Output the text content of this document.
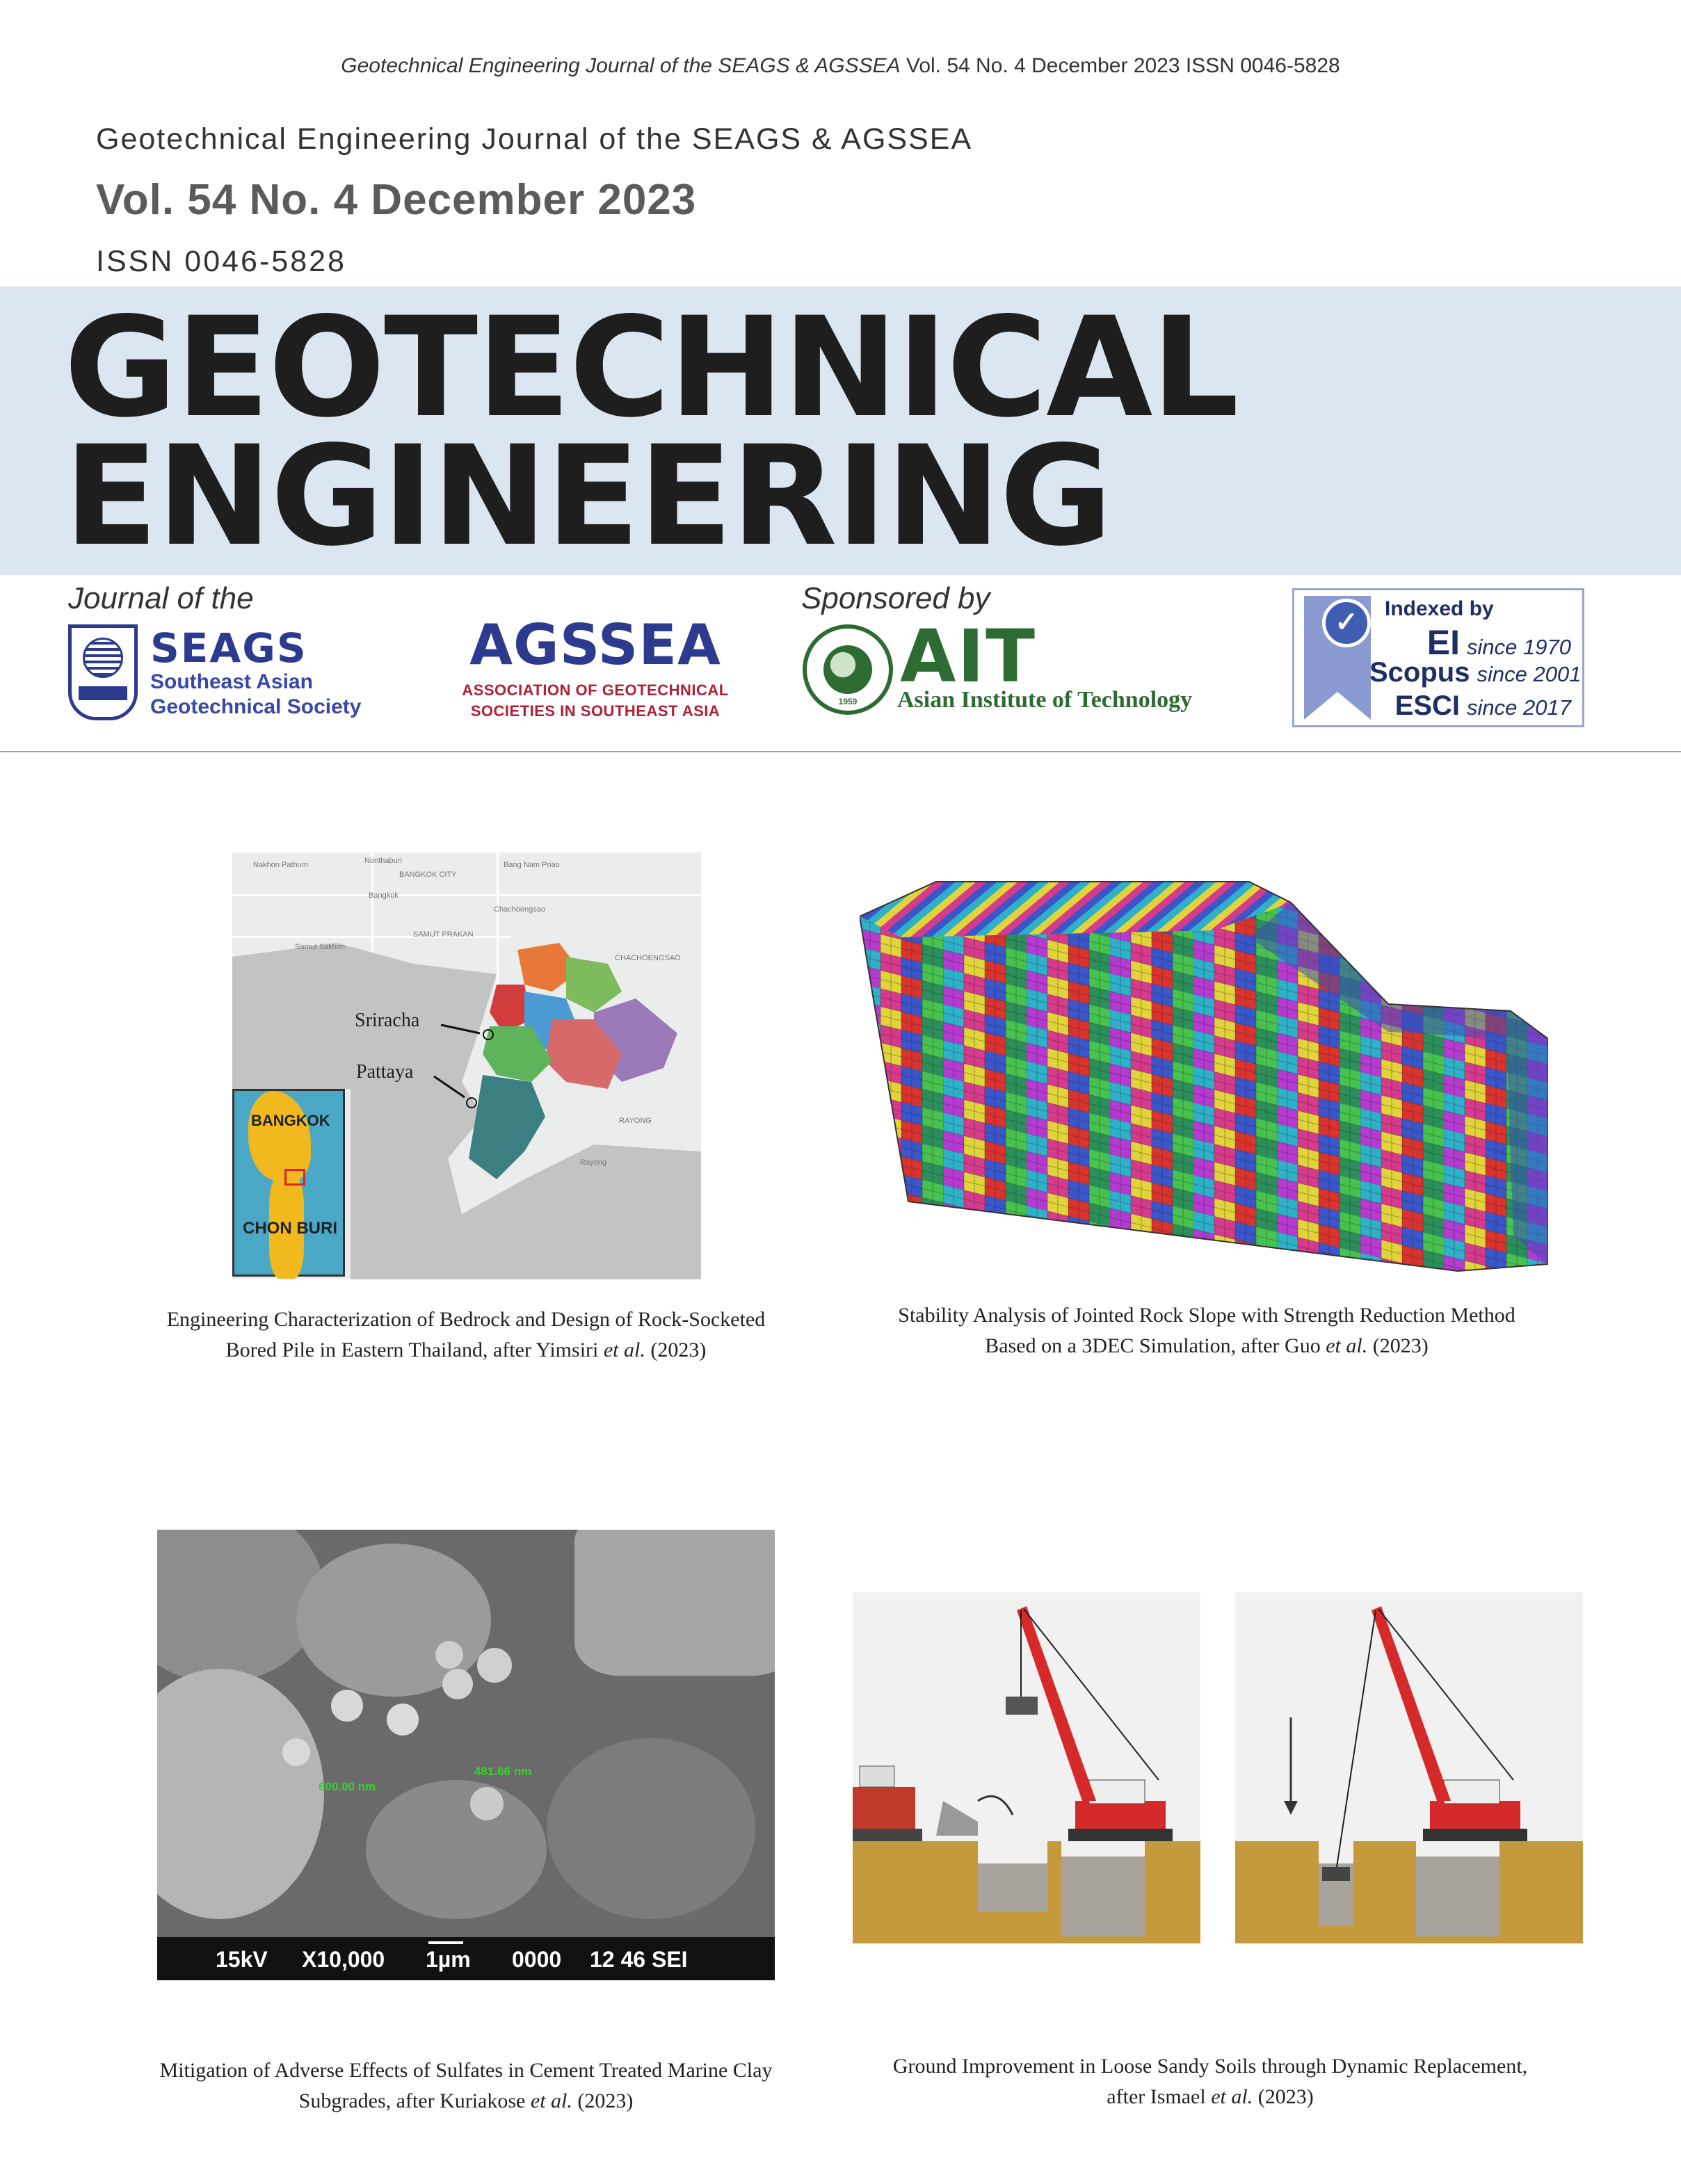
Geotechnical Engineering Journal of the SEAGS & AGSSEA Vol. 54 No. 4 December 2023 ISSN 0046-5828
Geotechnical Engineering Journal of the SEAGS & AGSSEA
Vol. 54 No. 4 December 2023
ISSN 0046-5828
GEOTECHNICAL
ENGINEERING
Journal of the	Sponsored by
SEAGS
Southeast Asian
Geotechnical Society
AGSSEA
ASSOCIATION OF GEOTECHNICAL
SOCIETIES IN SOUTHEAST ASIA
1959
AIT
Asian Institute of Technology
✓	Indexed by
EI since 1970
Scopus since 2001
ESCI since 2017
Nakhon Pathum	Nonthaburi
BANGKOK CITY
Bang Nam Priao
Bangkok
Chachoengsao
Samut Sakhon
SAMUT PRAKAN
CHACHOENGSAO
RAYONG
Rayong
Sriracha
Pattaya
BANGKOK
CHON BURI
600.00 nm
481.66 nm
15kV X10,000 1µm 0000 12 46 SEI
Engineering Characterization of Bedrock and Design of Rock-Socketed
Bored Pile in Eastern Thailand, after Yimsiri et al. (2023)
Stability Analysis of Jointed Rock Slope with Strength Reduction Method
Based on a 3DEC Simulation, after Guo et al. (2023)
Mitigation of Adverse Effects of Sulfates in Cement Treated Marine Clay
Subgrades, after Kuriakose et al. (2023)
Ground Improvement in Loose Sandy Soils through Dynamic Replacement,
after Ismael et al. (2023)
